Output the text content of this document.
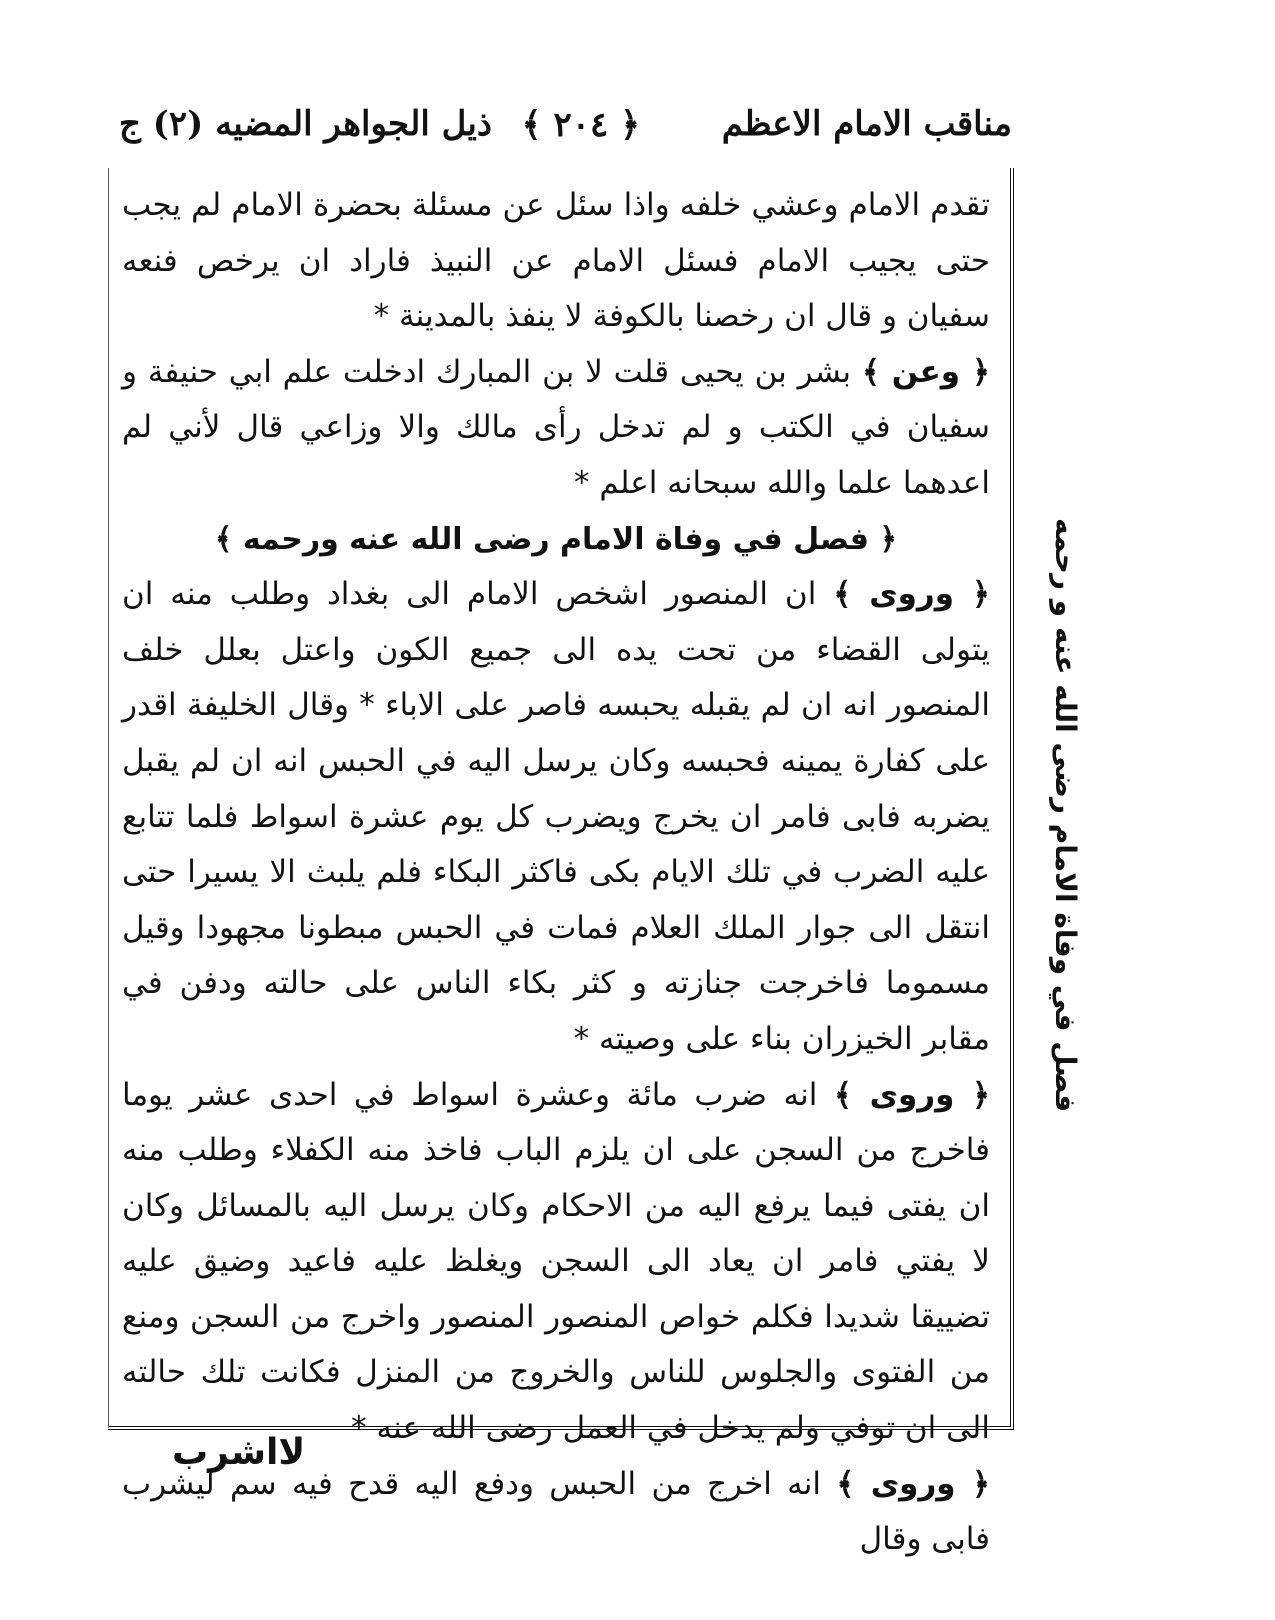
مناقب الامام الاعظم
﴿ ٢٠٤ ﴾
ذيل الجواهر المضيه (٢) ج

تقدم الامام وعشي خلفه واذا سئل عن مسئلة بحضرة الامام لم يجب حتى يجيب الامام فسئل الامام عن النبيذ فاراد ان يرخص فنعه سفيان و قال ان رخصنا بالكوفة لا ينفذ بالمدينة *

﴿ وعن ﴾ بشر بن يحيى قلت لا بن المبارك ادخلت علم ابي حنيفة و سفيان في الكتب و لم تدخل رأى مالك والا وزاعي قال لأني لم اعدهما علما والله سبحانه اعلم *

﴿ فصل في وفاة الامام رضى الله عنه ورحمه ﴾

﴿ وروى ﴾ ان المنصور اشخص الامام الى بغداد وطلب منه ان يتولى القضاء من تحت يده الى جميع الكون واعتل بعلل خلف المنصور انه ان لم يقبله يحبسه فاصر على الاباء * وقال الخليفة اقدر على كفارة يمينه فحبسه وكان يرسل اليه في الحبس انه ان لم يقبل يضربه فابى فامر ان يخرج ويضرب كل يوم عشرة اسواط فلما تتابع عليه الضرب في تلك الايام بكى فاكثر البكاء فلم يلبث الا يسيرا حتى انتقل الى جوار الملك العلام فمات في الحبس مبطونا مجهودا وقيل مسموما فاخرجت جنازته و كثر بكاء الناس على حالته ودفن في مقابر الخيزران بناء على وصيته *

﴿ وروى ﴾ انه ضرب مائة وعشرة اسواط في احدى عشر يوما فاخرج من السجن على ان يلزم الباب فاخذ منه الكفلاء وطلب منه ان يفتى فيما يرفع اليه من الاحكام وكان يرسل اليه بالمسائل وكان لا يفتي فامر ان يعاد الى السجن ويغلظ عليه فاعيد وضيق عليه تضييقا شديدا فكلم خواص المنصور المنصور واخرج من السجن ومنع من الفتوى والجلوس للناس والخروج من المنزل فكانت تلك حالته الى ان توفي ولم يدخل في العمل رضى الله عنه *

﴿ وروى ﴾ انه اخرج من الحبس ودفع اليه قدح فيه سم ليشرب فابى وقال

فصل في وفاة الامام رضى الله عنه و رحمه
لااشرب
